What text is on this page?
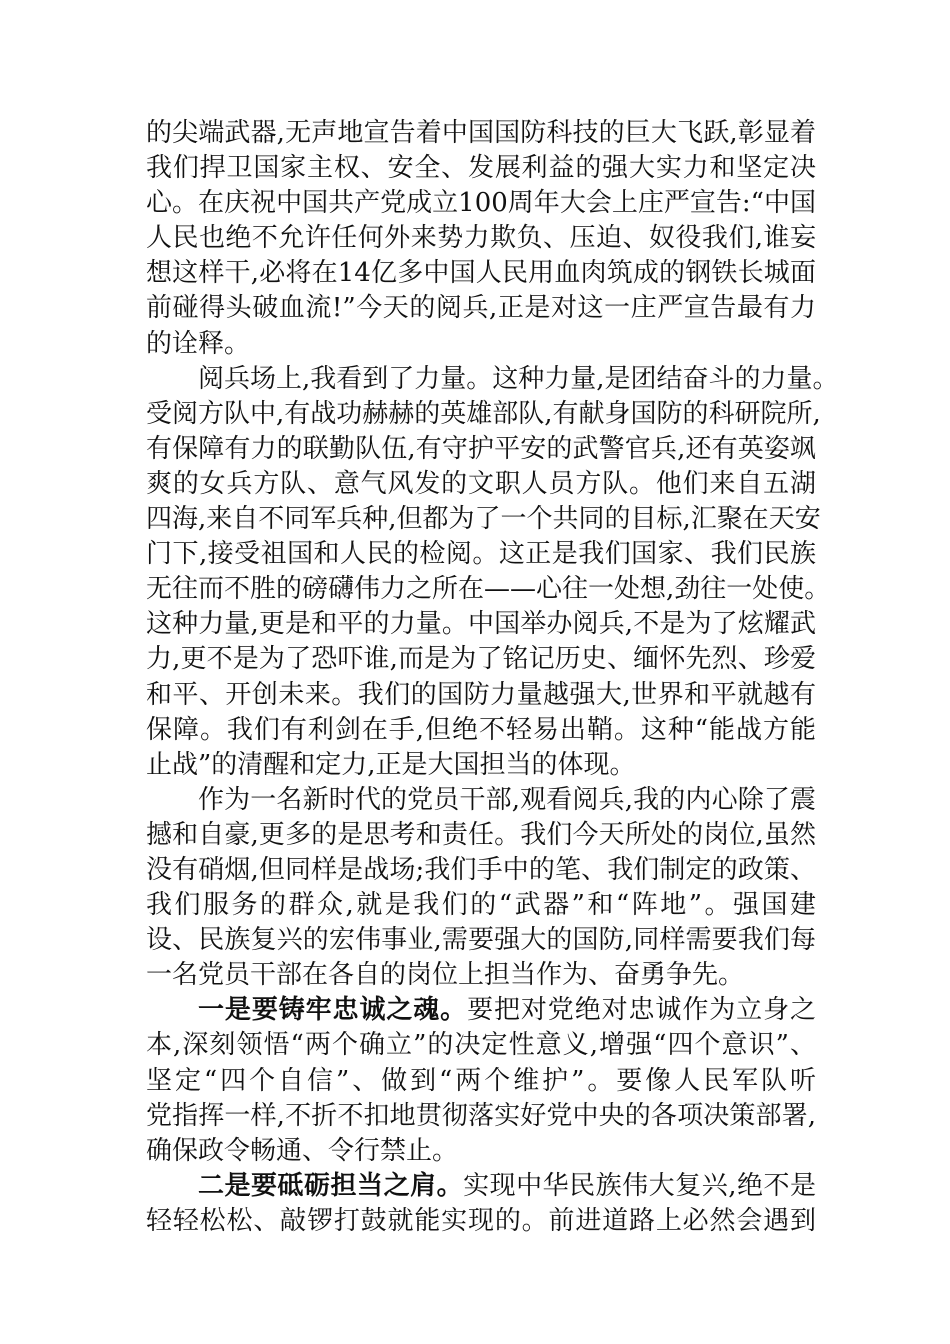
的尖端武器,无声地宣告着中国国防科技的巨大飞跃,彰显着
我们捍卫国家主权、安全、发展利益的强大实力和坚定决
心。在庆祝中国共产党成立100周年大会上庄严宣告:“中国
人民也绝不允许任何外来势力欺负、压迫、奴役我们,谁妄
想这样干,必将在14亿多中国人民用血肉筑成的钢铁长城面
前碰得头破血流!”今天的阅兵,正是对这一庄严宣告最有力
的诠释。
阅兵场上,我看到了力量。这种力量,是团结奋斗的力量。
受阅方队中,有战功赫赫的英雄部队,有献身国防的科研院所,
有保障有力的联勤队伍,有守护平安的武警官兵,还有英姿飒
爽的女兵方队、意气风发的文职人员方队。他们来自五湖
四海,来自不同军兵种,但都为了一个共同的目标,汇聚在天安
门下,接受祖国和人民的检阅。这正是我们国家、我们民族
无往而不胜的磅礴伟力之所在——心往一处想,劲往一处使。
这种力量,更是和平的力量。中国举办阅兵,不是为了炫耀武
力,更不是为了恐吓谁,而是为了铭记历史、缅怀先烈、珍爱
和平、开创未来。我们的国防力量越强大,世界和平就越有
保障。我们有利剑在手,但绝不轻易出鞘。这种“能战方能
止战”的清醒和定力,正是大国担当的体现。
作为一名新时代的党员干部,观看阅兵,我的内心除了震
撼和自豪,更多的是思考和责任。我们今天所处的岗位,虽然
没有硝烟,但同样是战场;我们手中的笔、我们制定的政策、
我们服务的群众,就是我们的“武器”和“阵地”。强国建
设、民族复兴的宏伟事业,需要强大的国防,同样需要我们每
一名党员干部在各自的岗位上担当作为、奋勇争先。
一是要铸牢忠诚之魂。要把对党绝对忠诚作为立身之
本,深刻领悟“两个确立”的决定性意义,增强“四个意识”、
坚定“四个自信”、做到“两个维护”。要像人民军队听
党指挥一样,不折不扣地贯彻落实好党中央的各项决策部署,
确保政令畅通、令行禁止。
二是要砥砺担当之肩。实现中华民族伟大复兴,绝不是
轻轻松松、敲锣打鼓就能实现的。前进道路上必然会遇到
